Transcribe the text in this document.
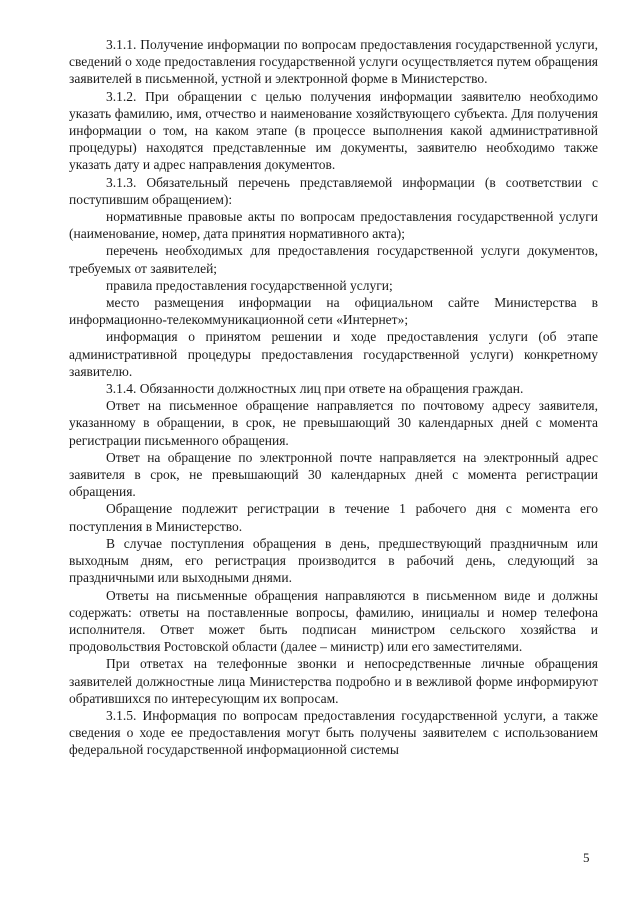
3.1.1. Получение информации по вопросам предоставления государственной услуги, сведений о ходе предоставления государственной услуги осуществляется путем обращения заявителей в письменной, устной и электронной форме в Министерство.

3.1.2. При обращении с целью получения информации заявителю необходимо указать фамилию, имя, отчество и наименование хозяйствующего субъекта. Для получения информации о том, на каком этапе (в процессе выполнения какой административной процедуры) находятся представленные им документы, заявителю необходимо также указать дату и адрес направления документов.

3.1.3. Обязательный перечень представляемой информации (в соответствии с поступившим обращением):

нормативные правовые акты по вопросам предоставления государственной услуги (наименование, номер, дата принятия нормативного акта);

перечень необходимых для предоставления государственной услуги документов, требуемых от заявителей;

правила предоставления государственной услуги;

место размещения информации на официальном сайте Министерства в информационно-телекоммуникационной сети «Интернет»;

информация о принятом решении и ходе предоставления услуги (об этапе административной процедуры предоставления государственной услуги) конкретному заявителю.

3.1.4. Обязанности должностных лиц при ответе на обращения граждан.

Ответ на письменное обращение направляется по почтовому адресу заявителя, указанному в обращении, в срок, не превышающий 30 календарных дней с момента регистрации письменного обращения.

Ответ на обращение по электронной почте направляется на электронный адрес заявителя в срок, не превышающий 30 календарных дней с момента регистрации обращения.

Обращение подлежит регистрации в течение 1 рабочего дня с момента его поступления в Министерство.

В случае поступления обращения в день, предшествующий праздничным или выходным дням, его регистрация производится в рабочий день, следующий за праздничными или выходными днями.

Ответы на письменные обращения направляются в письменном виде и должны содержать: ответы на поставленные вопросы, фамилию, инициалы и номер телефона исполнителя. Ответ может быть подписан министром сельского хозяйства и продовольствия Ростовской области (далее – министр) или его заместителями.

При ответах на телефонные звонки и непосредственные личные обращения заявителей должностные лица Министерства подробно и в вежливой форме информируют обратившихся по интересующим их вопросам.

3.1.5. Информация по вопросам предоставления государственной услуги, а также сведения о ходе ее предоставления могут быть получены заявителем с использованием федеральной государственной информационной системы

5
